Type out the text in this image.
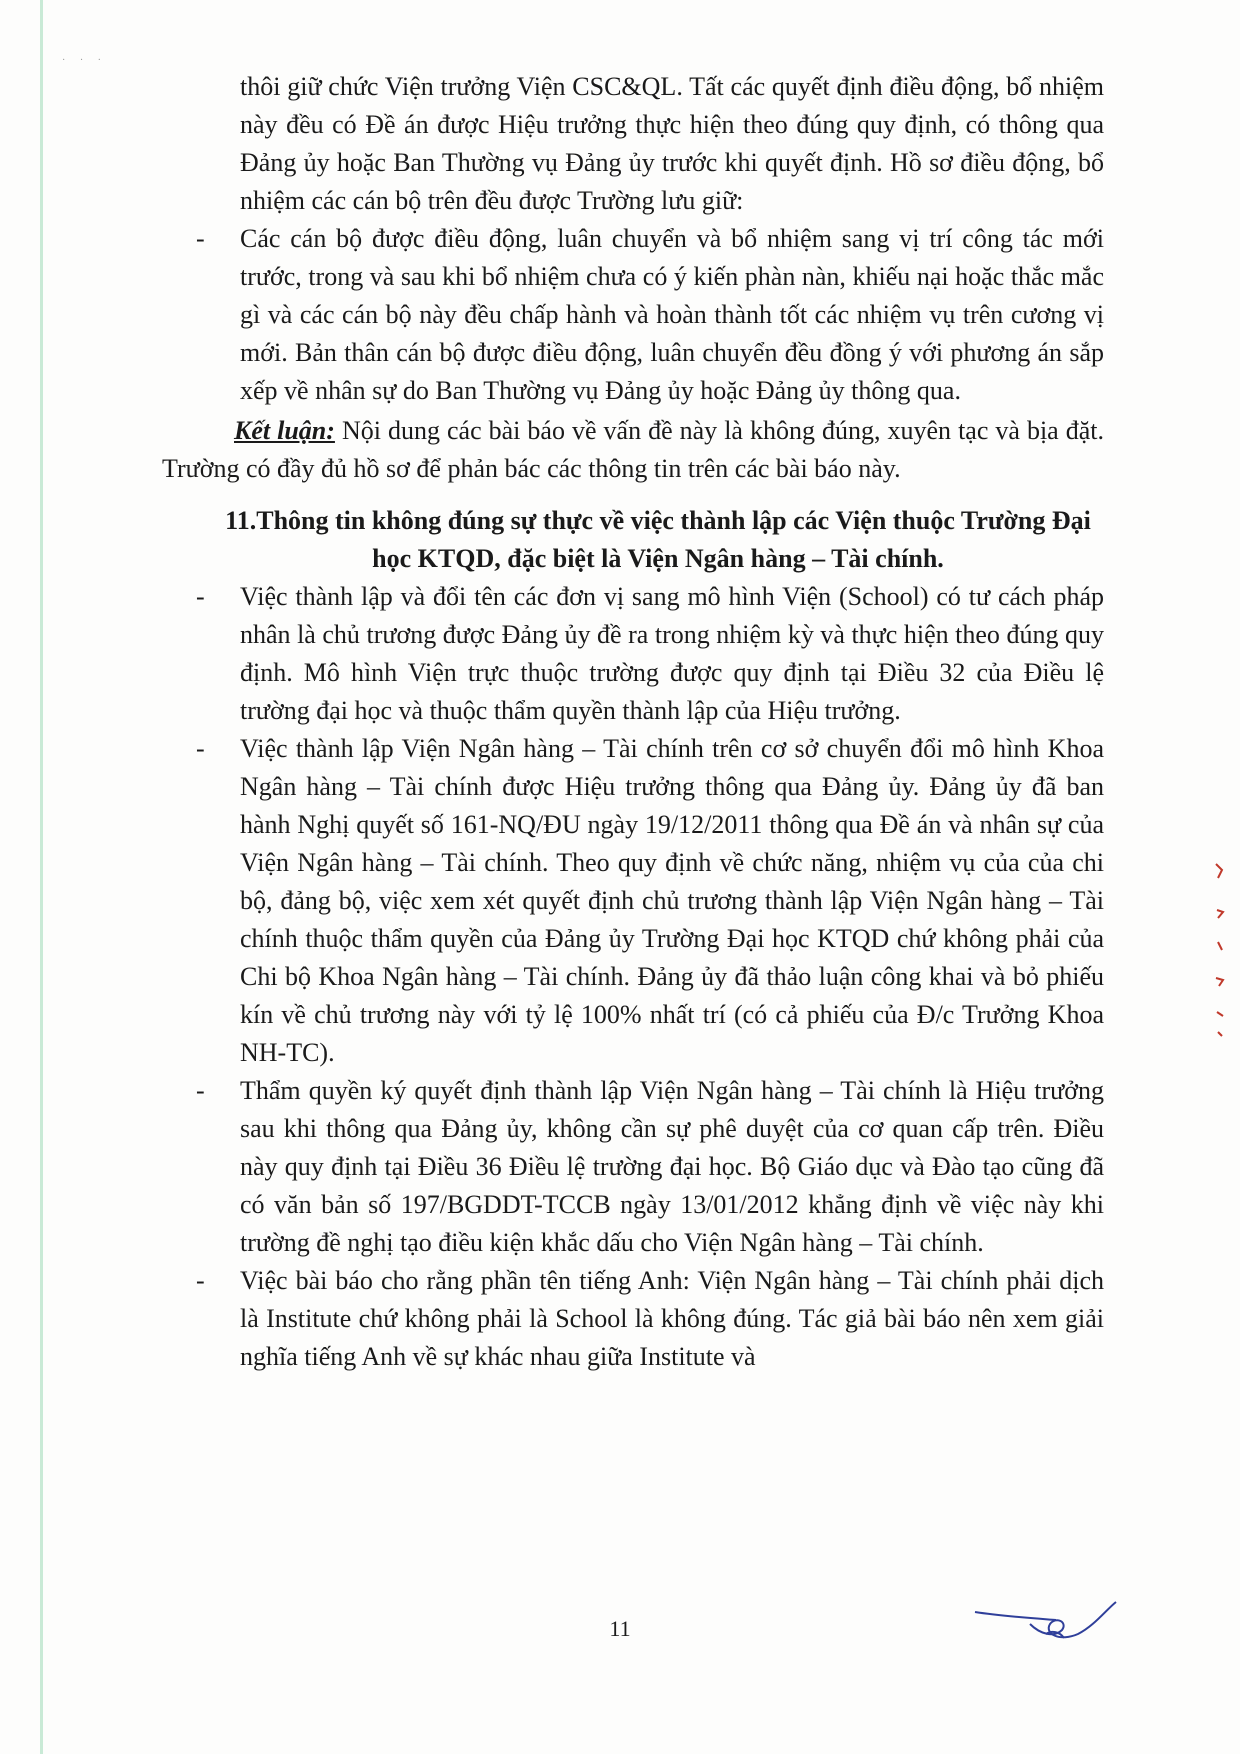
· · ·

thôi giữ chức Viện trưởng Viện CSC&QL. Tất các quyết định điều động, bổ nhiệm này đều có Đề án được Hiệu trưởng thực hiện theo đúng quy định, có thông qua Đảng ủy hoặc Ban Thường vụ Đảng ủy trước khi quyết định. Hồ sơ điều động, bổ nhiệm các cán bộ trên đều được Trường lưu giữ:

- Các cán bộ được điều động, luân chuyển và bổ nhiệm sang vị trí công tác mới trước, trong và sau khi bổ nhiệm chưa có ý kiến phàn nàn, khiếu nại hoặc thắc mắc gì và các cán bộ này đều chấp hành và hoàn thành tốt các nhiệm vụ trên cương vị mới. Bản thân cán bộ được điều động, luân chuyển đều đồng ý với phương án sắp xếp về nhân sự do Ban Thường vụ Đảng ủy hoặc Đảng ủy thông qua.

Kết luận: Nội dung các bài báo về vấn đề này là không đúng, xuyên tạc và bịa đặt. Trường có đầy đủ hồ sơ để phản bác các thông tin trên các bài báo này.

11.Thông tin không đúng sự thực về việc thành lập các Viện thuộc Trường Đại học KTQD, đặc biệt là Viện Ngân hàng – Tài chính.
- Việc thành lập và đổi tên các đơn vị sang mô hình Viện (School) có tư cách pháp nhân là chủ trương được Đảng ủy đề ra trong nhiệm kỳ và thực hiện theo đúng quy định. Mô hình Viện trực thuộc trường được quy định tại Điều 32 của Điều lệ trường đại học và thuộc thẩm quyền thành lập của Hiệu trưởng.
- Việc thành lập Viện Ngân hàng – Tài chính trên cơ sở chuyển đổi mô hình Khoa Ngân hàng – Tài chính được Hiệu trưởng thông qua Đảng ủy. Đảng ủy đã ban hành Nghị quyết số 161-NQ/ĐU ngày 19/12/2011 thông qua Đề án và nhân sự của Viện Ngân hàng – Tài chính. Theo quy định về chức năng, nhiệm vụ của của chi bộ, đảng bộ, việc xem xét quyết định chủ trương thành lập Viện Ngân hàng – Tài chính thuộc thẩm quyền của Đảng ủy Trường Đại học KTQD chứ không phải của Chi bộ Khoa Ngân hàng – Tài chính. Đảng ủy đã thảo luận công khai và bỏ phiếu kín về chủ trương này với tỷ lệ 100% nhất trí (có cả phiếu của Đ/c Trưởng Khoa NH-TC).
- Thẩm quyền ký quyết định thành lập Viện Ngân hàng – Tài chính là Hiệu trưởng sau khi thông qua Đảng ủy, không cần sự phê duyệt của cơ quan cấp trên. Điều này quy định tại Điều 36 Điều lệ trường đại học. Bộ Giáo dục và Đào tạo cũng đã có văn bản số 197/BGDDT-TCCB ngày 13/01/2012 khẳng định về việc này khi trường đề nghị tạo điều kiện khắc dấu cho Viện Ngân hàng – Tài chính.
- Việc bài báo cho rằng phần tên tiếng Anh: Viện Ngân hàng – Tài chính phải dịch là Institute chứ không phải là School là không đúng. Tác giả bài báo nên xem giải nghĩa tiếng Anh về sự khác nhau giữa Institute và
11
